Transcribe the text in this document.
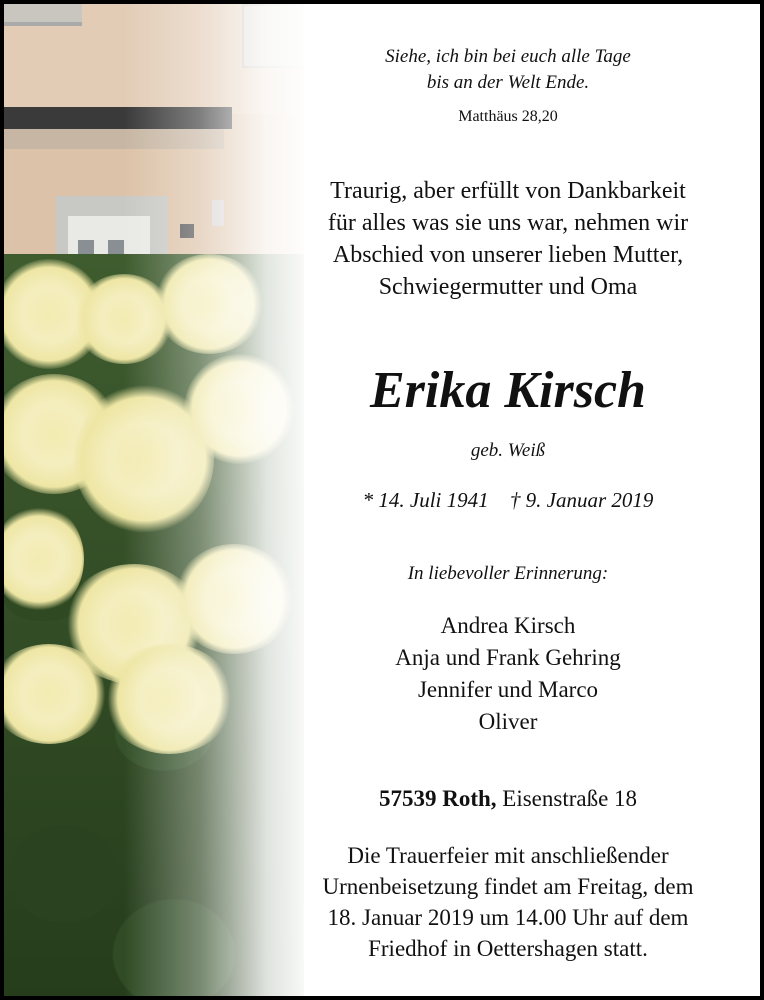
Siehe, ich bin bei euch alle Tage
bis an der Welt Ende.
Matthäus 28,20
Traurig, aber erfüllt von Dankbarkeit
für alles was sie uns war, nehmen wir
Abschied von unserer lieben Mutter,
Schwiegermutter und Oma
Erika Kirsch
geb. Weiß
* 14. Juli 1941 † 9. Januar 2019
In liebevoller Erinnerung:
Andrea Kirsch
Anja und Frank Gehring
Jennifer und Marco
Oliver
57539 Roth, Eisenstraße 18
Die Trauerfeier mit anschließender
Urnenbeisetzung findet am Freitag, dem
18. Januar 2019 um 14.00 Uhr auf dem
Friedhof in Oettershagen statt.
